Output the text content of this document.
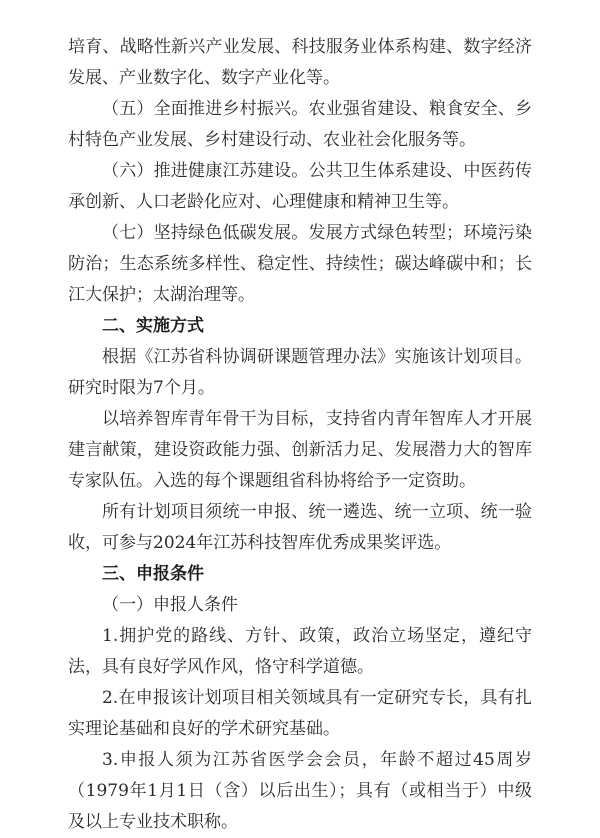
培育、战略性新兴产业发展、科技服务业体系构建、数字经济发展、产业数字化、数字产业化等。

（五）全面推进乡村振兴。农业强省建设、粮食安全、乡村特色产业发展、乡村建设行动、农业社会化服务等。

（六）推进健康江苏建设。公共卫生体系建设、中医药传承创新、人口老龄化应对、心理健康和精神卫生等。

（七）坚持绿色低碳发展。发展方式绿色转型；环境污染防治；生态系统多样性、稳定性、持续性；碳达峰碳中和；长江大保护；太湖治理等。

二、实施方式

根据《江苏省科协调研课题管理办法》实施该计划项目。研究时限为7个月。

以培养智库青年骨干为目标，支持省内青年智库人才开展建言献策，建设资政能力强、创新活力足、发展潜力大的智库专家队伍。入选的每个课题组省科协将给予一定资助。

所有计划项目须统一申报、统一遴选、统一立项、统一验收，可参与2024年江苏科技智库优秀成果奖评选。

三、申报条件

（一）申报人条件

1.拥护党的路线、方针、政策，政治立场坚定，遵纪守法，具有良好学风作风，恪守科学道德。

2.在申报该计划项目相关领域具有一定研究专长，具有扎实理论基础和良好的学术研究基础。

3.申报人须为江苏省医学会会员，年龄不超过45周岁（1979年1月1日（含）以后出生）；具有（或相当于）中级及以上专业技术职称。
